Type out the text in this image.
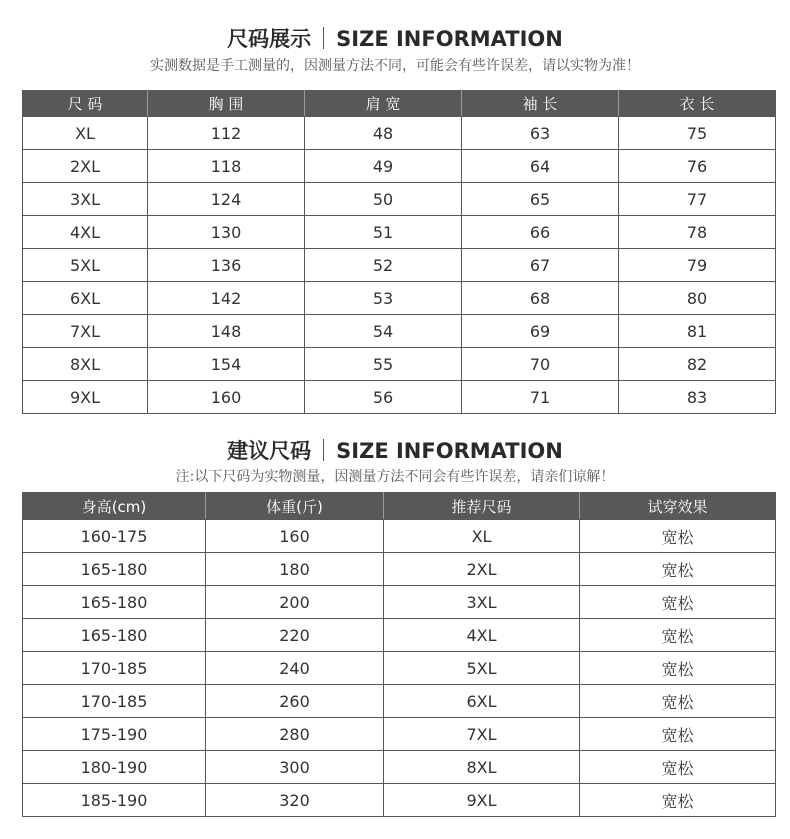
尺码展示 SIZE INFORMATION
实测数据是手工测量的，因测量方法不同，可能会有些许误差，请以实物为准！
尺 码	胸 围	肩 宽	袖 长	衣 长
XL	112	48	63	75
2XL	118	49	64	76
3XL	124	50	65	77
4XL	130	51	66	78
5XL	136	52	67	79
6XL	142	53	68	80
7XL	148	54	69	81
8XL	154	55	70	82
9XL	160	56	71	83
建议尺码 SIZE INFORMATION
注:以下尺码为实物测量，因测量方法不同会有些许误差，请亲们谅解！
身高(cm)	体重(斤)	推荐尺码	试穿效果
160-175	160	XL	宽松
165-180	180	2XL	宽松
165-180	200	3XL	宽松
165-180	220	4XL	宽松
170-185	240	5XL	宽松
170-185	260	6XL	宽松
175-190	280	7XL	宽松
180-190	300	8XL	宽松
185-190	320	9XL	宽松
